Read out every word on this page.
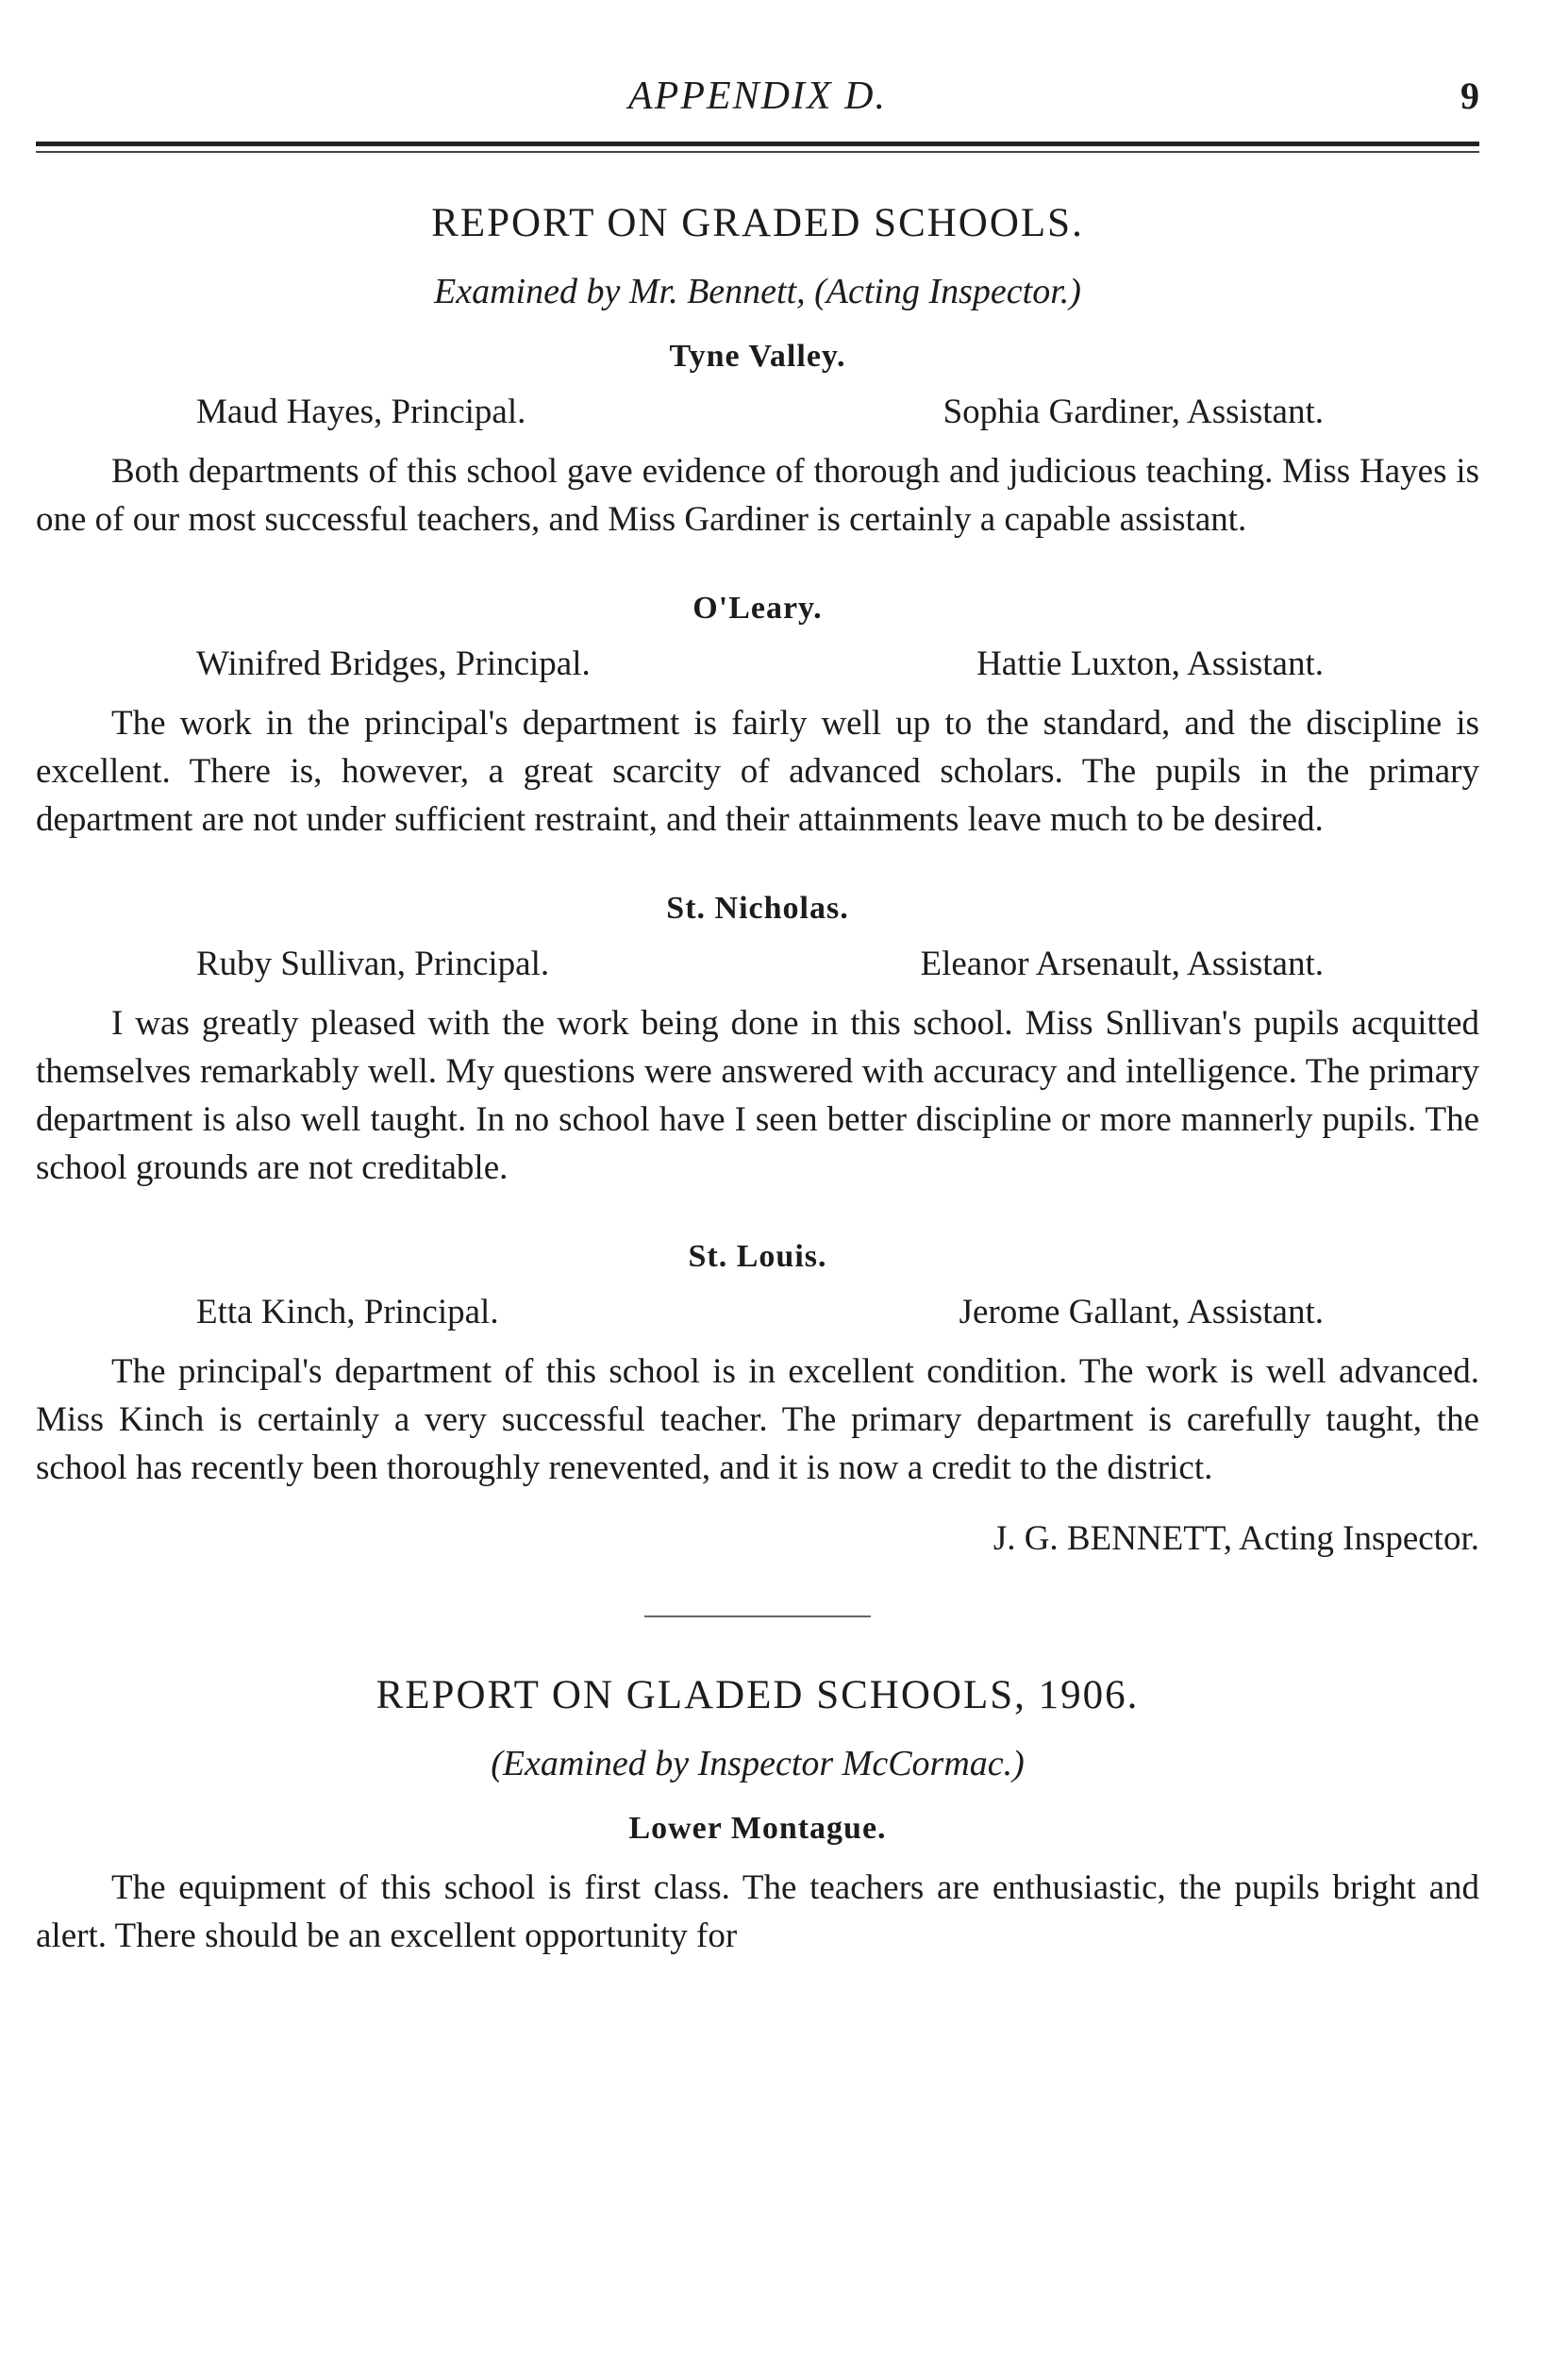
APPENDIX D.	9
REPORT ON GRADED SCHOOLS.
Examined by Mr. Bennett, (Acting Inspector.)
Tyne Valley.
Maud Hayes, Principal.	Sophia Gardiner, Assistant.

Both departments of this school gave evidence of thorough and judicious teaching. Miss Hayes is one of our most successful teachers, and Miss Gardiner is certainly a capable assistant.

O'Leary.
Winifred Bridges, Principal.	Hattie Luxton, Assistant.

The work in the principal's department is fairly well up to the standard, and the discipline is excellent. There is, however, a great scarcity of advanced scholars. The pupils in the primary department are not under sufficient restraint, and their attainments leave much to be desired.

St. Nicholas.
Ruby Sullivan, Principal.	Eleanor Arsenault, Assistant.

I was greatly pleased with the work being done in this school. Miss Snllivan's pupils acquitted themselves remarkably well. My questions were answered with accuracy and intelligence. The primary department is also well taught. In no school have I seen better discipline or more mannerly pupils. The school grounds are not creditable.

St. Louis.
Etta Kinch, Principal.	Jerome Gallant, Assistant.

The principal's department of this school is in excellent condition. The work is well advanced. Miss Kinch is certainly a very successful teacher. The primary department is carefully taught, the school has recently been thoroughly renevented, and it is now a credit to the district.

J. G. BENNETT, Acting Inspector.
REPORT ON GLADED SCHOOLS, 1906.
(Examined by Inspector McCormac.)
Lower Montague.

The equipment of this school is first class. The teachers are enthusiastic, the pupils bright and alert. There should be an excellent opportunity for
